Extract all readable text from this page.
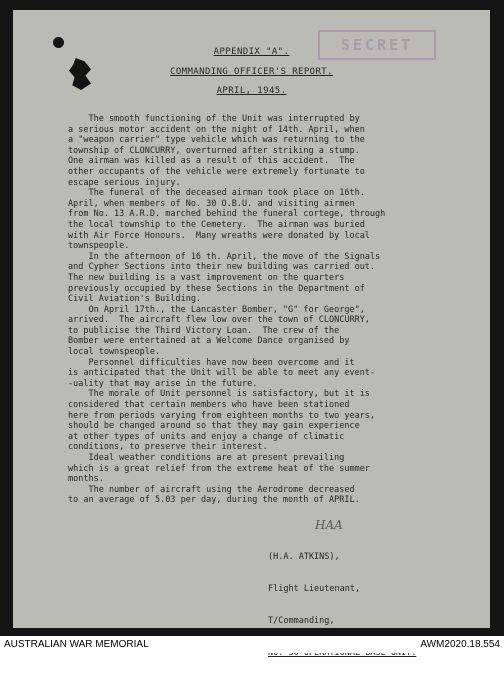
SECRET
APPENDIX "A".
COMMANDING OFFICER'S REPORT.
APRIL, 1945.
The smooth functioning of the Unit was interrupted by
a serious motor accident on the night of 14th. April, when
a "weapon carrier" type vehicle which was returning to the
township of CLONCURRY, overturned after striking a stump.
One airman was killed as a result of this accident.  The
other occupants of the vehicle were extremely fortunate to
escape serious injury.
The funeral of the deceased airman took place on 16th.
April, when members of No. 30 O.B.U. and visiting airmen
from No. 13 A.R.D. marched behind the funeral cortege, through
the local township to the Cemetery.  The airman was buried
with Air Force Honours.  Many wreaths were donated by local
townspeople.
In the afternoon of 16 th. April, the move of the Signals
and Cypher Sections into their new building was carried out.
The new building is a vast improvement on the quarters
previously occupied by these Sections in the Department of
Civil Aviation's Building.
On April 17th., the Lancaster Bomber, "G" for George",
arrived.  The aircraft flew low over the town of CLONCURRY,
to publicise the Third Victory Loan.  The crew of the
Bomber were entertained at a Welcome Dance organised by
local townspeople.
Personnel difficulties have now been overcome and it
is anticipated that the Unit will be able to meet any event-
-uality that may arise in the future.
The morale of Unit personnel is satisfactory, but it is
considered that certain members who have been stationed
here from periods varying from eighteen months to two years,
should be changed around so that they may gain experience
at other types of units and enjoy a change of climatic
conditions, to preserve their interest.
Ideal weather conditions are at present prevailing
which is a great relief from the extreme heat of the summer
months.
The number of aircraft using the Aerodrome decreased
to an average of 5.03 per day, during the month of APRIL.
HAA

(H.A. ATKINS),

Flight Lieutenant,

T/Commanding,

AUSTRALIAN WAR MEMORIAL	AWM2020.18.554
